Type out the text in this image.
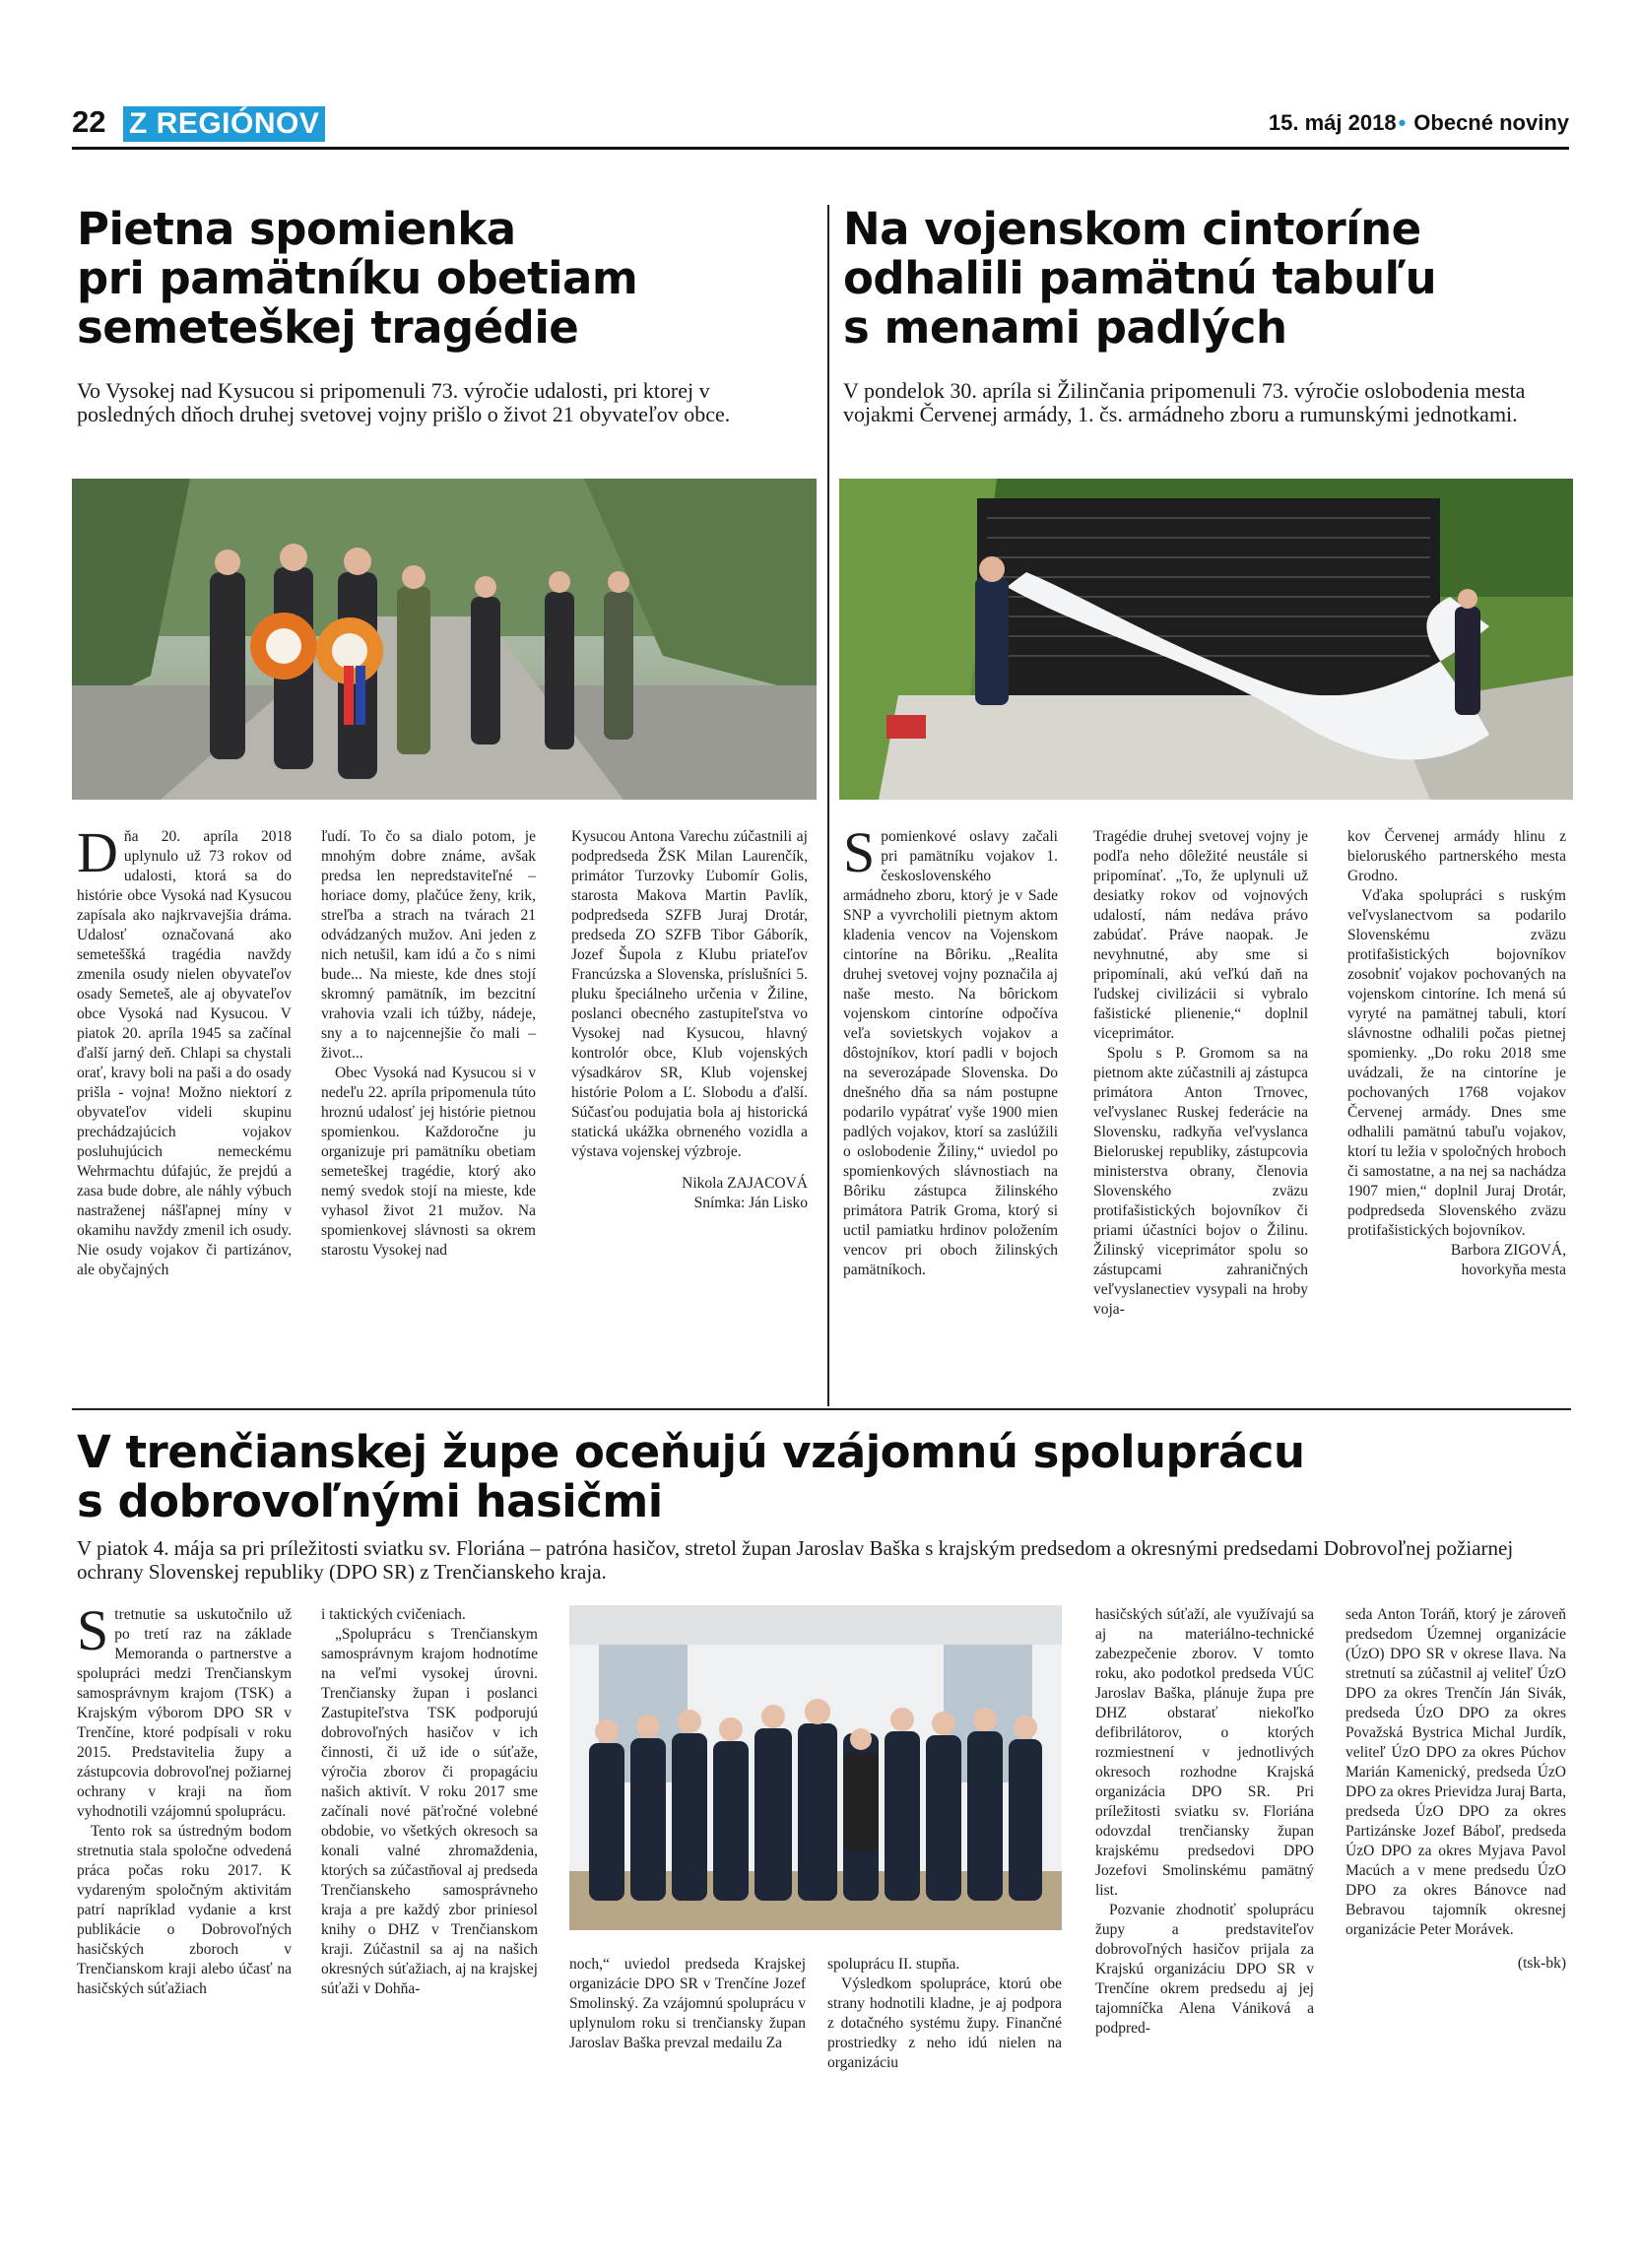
22 Z REGIÓNOV	15. máj 2018• Obecné noviny
Pietna spomienka
pri pamätníku obetiam
semeteškej tragédie
Vo Vysokej nad Kysucou si pripomenuli 73. výročie udalosti, pri ktorej v posledných dňoch druhej svetovej vojny prišlo o život 21 obyvateľov obce.

Dňa 20. apríla 2018 uplynulo už 73 rokov od udalosti, ktorá sa do histórie obce Vysoká nad Kysucou zapísala ako najkrvavejšia dráma. Udalosť označovaná ako semeteššká tragédia navždy zmenila osudy nielen obyvateľov osady Semeteš, ale aj obyvateľov obce Vysoká nad Kysucou. V piatok 20. apríla 1945 sa začínal ďalší jarný deň. Chlapi sa chystali orať, kravy boli na paši a do osady prišla - vojna! Možno niektorí z obyvateľov videli skupinu prechádzajúcich vojakov posluhujúcich nemeckému Wehrmachtu dúfajúc, že prejdú a zasa bude dobre, ale náhly výbuch nastraženej nášľapnej míny v okamihu navždy zmenil ich osudy. Nie osudy vojakov či partizánov, ale obyčajných

ľudí. To čo sa dialo potom, je mnohým dobre známe, avšak predsa len nepredstaviteľné – horiace domy, plačúce ženy, krik, streľba a strach na tvárach 21 odvádzaných mužov. Ani jeden z nich netušil, kam idú a čo s nimi bude... Na mieste, kde dnes stojí skromný pamätník, im bezcitní vrahovia vzali ich túžby, nádeje, sny a to najcennejšie čo mali – život...

Obec Vysoká nad Kysucou si v nedeľu 22. apríla pripomenula túto hroznú udalosť jej histórie pietnou spomienkou. Každoročne ju organizuje pri pamätníku obetiam semeteškej tragédie, ktorý ako nemý svedok stojí na mieste, kde vyhasol život 21 mužov. Na spomienkovej slávnosti sa okrem starostu Vysokej nad

Kysucou Antona Varechu zúčastnili aj podpredseda ŽSK Milan Laurenčík, primátor Turzovky Ľubomír Golis, starosta Makova Martin Pavlík, podpredseda SZFB Juraj Drotár, predseda ZO SZFB Tibor Gáborík, Jozef Šupola z Klubu priateľov Francúzska a Slovenska, príslušníci 5. pluku špeciálneho určenia v Žiline, poslanci obecného zastupiteľstva vo Vysokej nad Kysucou, hlavný kontrolór obce, Klub vojenských výsadkárov SR, Klub vojenskej histórie Polom a Ľ. Slobodu a ďalší. Súčasťou podujatia bola aj historická statická ukážka obrneného vozidla a výstava vojenskej výzbroje.

Nikola ZAJACOVÁ

Snímka: Ján Lisko

Na vojenskom cintoríne
odhalili pamätnú tabuľu
s menami padlých
V pondelok 30. apríla si Žilinčania pripomenuli 73. výročie oslobodenia mesta vojakmi Červenej armády, 1. čs. armádneho zboru a rumunskými jednotkami.

Spomienkové oslavy začali pri pamätníku vojakov 1. československého armádneho zboru, ktorý je v Sade SNP a vyvrcholili pietnym aktom kladenia vencov na Vojenskom cintoríne na Bôriku. „Realita druhej svetovej vojny poznačila aj naše mesto. Na bôrickom vojenskom cintoríne odpočíva veľa sovietskych vojakov a dôstojníkov, ktorí padli v bojoch na severozápade Slovenska. Do dnešného dňa sa nám postupne podarilo vypátrať vyše 1900 mien padlých vojakov, ktorí sa zaslúžili o oslobodenie Žiliny,“ uviedol po spomienkových slávnostiach na Bôriku zástupca žilinského primátora Patrik Groma, ktorý si uctil pamiatku hrdinov položením vencov pri oboch žilinských pamätníkoch.

Tragédie druhej svetovej vojny je podľa neho dôležité neustále si pripomínať. „To, že uplynuli už desiatky rokov od vojnových udalostí, nám nedáva právo zabúdať. Práve naopak. Je nevyhnutné, aby sme si pripomínali, akú veľkú daň na ľudskej civilizácii si vybralo fašistické plienenie,“ doplnil viceprimátor.

Spolu s P. Gromom sa na pietnom akte zúčastnili aj zástupca primátora Anton Trnovec, veľvyslanec Ruskej federácie na Slovensku, radkyňa veľvyslanca Bieloruskej republiky, zástupcovia ministerstva obrany, členovia Slovenského zväzu protifašistických bojovníkov či priami účastníci bojov o Žilinu. Žilinský viceprimátor spolu so zástupcami zahraničných veľvyslanectiev vysypali na hroby voja-

kov Červenej armády hlinu z bieloruského partnerského mesta Grodno.

Vďaka spolupráci s ruským veľvyslanectvom sa podarilo Slovenskému zväzu protifašistických bojovníkov zosobniť vojakov pochovaných na vojenskom cintoríne. Ich mená sú vyryté na pamätnej tabuli, ktorí slávnostne odhalili počas pietnej spomienky. „Do roku 2018 sme uvádzali, že na cintoríne je pochovaných 1768 vojakov Červenej armády. Dnes sme odhalili pamätnú tabuľu vojakov, ktorí tu ležia v spoločných hroboch či samostatne, a na nej sa nachádza 1907 mien,“ doplnil Juraj Drotár, podpredseda Slovenského zväzu protifašistických bojovníkov.

Barbora ZIGOVÁ,

hovorkyňa mesta

V trenčianskej župe oceňujú vzájomnú spoluprácu
s dobrovoľnými hasičmi
V piatok 4. mája sa pri príležitosti sviatku sv. Floriána – patróna hasičov, stretol župan Jaroslav Baška s krajským predsedom a okresnými predsedami Dobrovoľnej požiarnej ochrany Slovenskej republiky (DPO SR) z Trenčianskeho kraja.

Stretnutie sa uskutočnilo už po tretí raz na základe Memoranda o partnerstve a spolupráci medzi Trenčianskym samosprávnym krajom (TSK) a Krajským výborom DPO SR v Trenčíne, ktoré podpísali v roku 2015. Predstavitelia župy a zástupcovia dobrovoľnej požiarnej ochrany v kraji na ňom vyhodnotili vzájomnú spoluprácu.

Tento rok sa ústredným bodom stretnutia stala spoločne odvedená práca počas roku 2017. K vydareným spoločným aktivitám patrí napríklad vydanie a krst publikácie o Dobrovoľných hasičských zboroch v Trenčianskom kraji alebo účasť na hasičských súťažiach

i taktických cvičeniach.

„Spoluprácu s Trenčianskym samosprávnym krajom hodnotíme na veľmi vysokej úrovni. Trenčiansky župan i poslanci Zastupiteľstva TSK podporujú dobrovoľných hasičov v ich činnosti, či už ide o súťaže, výročia zborov či propagáciu našich aktivít. V roku 2017 sme začínali nové päťročné volebné obdobie, vo všetkých okresoch sa konali valné zhromaždenia, ktorých sa zúčastňoval aj predseda Trenčianskeho samosprávneho kraja a pre každý zbor priniesol knihy o DHZ v Trenčianskom kraji. Zúčastnil sa aj na našich okresných súťažiach, aj na krajskej súťaži v Dohňa-

noch,“ uviedol predseda Krajskej organizácie DPO SR v Trenčíne Jozef Smolinský. Za vzájomnú spoluprácu v uplynulom roku si trenčiansky župan Jaroslav Baška prevzal medailu Za

spoluprácu II. stupňa.

Výsledkom spolupráce, ktorú obe strany hodnotili kladne, je aj podpora z dotačného systému župy. Finančné prostriedky z neho idú nielen na organizáciu

hasičských súťaží, ale využívajú sa aj na materiálno-technické zabezpečenie zborov. V tomto roku, ako podotkol predseda VÚC Jaroslav Baška, plánuje župa pre DHZ obstarať niekoľko defibrilátorov, o ktorých rozmiestnení v jednotlivých okresoch rozhodne Krajská organizácia DPO SR. Pri príležitosti sviatku sv. Floriána odovzdal trenčiansky župan krajskému predsedovi DPO Jozefovi Smolinskému pamätný list.

Pozvanie zhodnotiť spoluprácu župy a predstaviteľov dobrovoľných hasičov prijala za Krajskú organizáciu DPO SR v Trenčíne okrem predsedu aj jej tajomníčka Alena Vániková a podpred-

seda Anton Toráň, ktorý je zároveň predsedom Územnej organizácie (ÚzO) DPO SR v okrese Ilava. Na stretnutí sa zúčastnil aj veliteľ ÚzO DPO za okres Trenčín Ján Sivák, predseda ÚzO DPO za okres Považská Bystrica Michal Jurdík, veliteľ ÚzO DPO za okres Púchov Marián Kamenický, predseda ÚzO DPO za okres Prievidza Juraj Barta, predseda ÚzO DPO za okres Partizánske Jozef Báboľ, predseda ÚzO DPO za okres Myjava Pavol Macúch a v mene predsedu ÚzO DPO za okres Bánovce nad Bebravou tajomník okresnej organizácie Peter Morávek.

(tsk-bk)
